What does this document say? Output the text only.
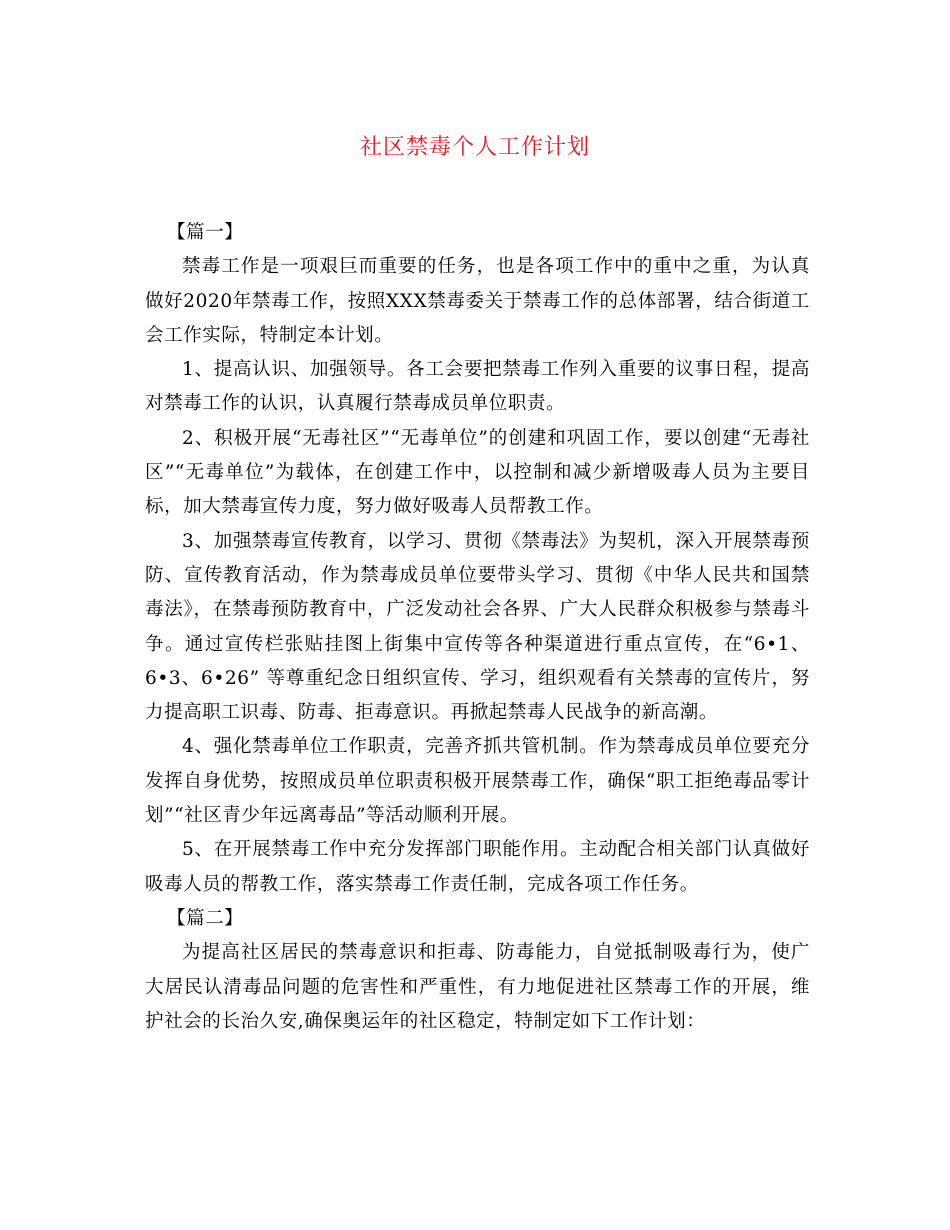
社区禁毒个人工作计划

【篇一】

禁毒工作是一项艰巨而重要的任务，也是各项工作中的重中之重，为认真做好2020年禁毒工作，按照XXX禁毒委关于禁毒工作的总体部署，结合街道工会工作实际，特制定本计划。

1、提高认识、加强领导。各工会要把禁毒工作列入重要的议事日程，提高对禁毒工作的认识，认真履行禁毒成员单位职责。

2、积极开展“无毒社区”“无毒单位”的创建和巩固工作，要以创建“无毒社区”“无毒单位”为载体，在创建工作中，以控制和减少新增吸毒人员为主要目标，加大禁毒宣传力度，努力做好吸毒人员帮教工作。

3、加强禁毒宣传教育，以学习、贯彻《禁毒法》为契机，深入开展禁毒预防、宣传教育活动，作为禁毒成员单位要带头学习、贯彻《中华人民共和国禁毒法》，在禁毒预防教育中，广泛发动社会各界、广大人民群众积极参与禁毒斗争。通过宣传栏张贴挂图上街集中宣传等各种渠道进行重点宣传，在“6•1、6•3、6•26” 等尊重纪念日组织宣传、学习，组织观看有关禁毒的宣传片，努力提高职工识毒、防毒、拒毒意识。再掀起禁毒人民战争的新高潮。

4、强化禁毒单位工作职责，完善齐抓共管机制。作为禁毒成员单位要充分发挥自身优势，按照成员单位职责积极开展禁毒工作，确保“职工拒绝毒品零计划”“社区青少年远离毒品”等活动顺利开展。

5、在开展禁毒工作中充分发挥部门职能作用。主动配合相关部门认真做好吸毒人员的帮教工作，落实禁毒工作责任制，完成各项工作任务。

【篇二】

为提高社区居民的禁毒意识和拒毒、防毒能力，自觉抵制吸毒行为，使广大居民认清毒品问题的危害性和严重性，有力地促进社区禁毒工作的开展，维护社会的长治久安,确保奥运年的社区稳定，特制定如下工作计划：
